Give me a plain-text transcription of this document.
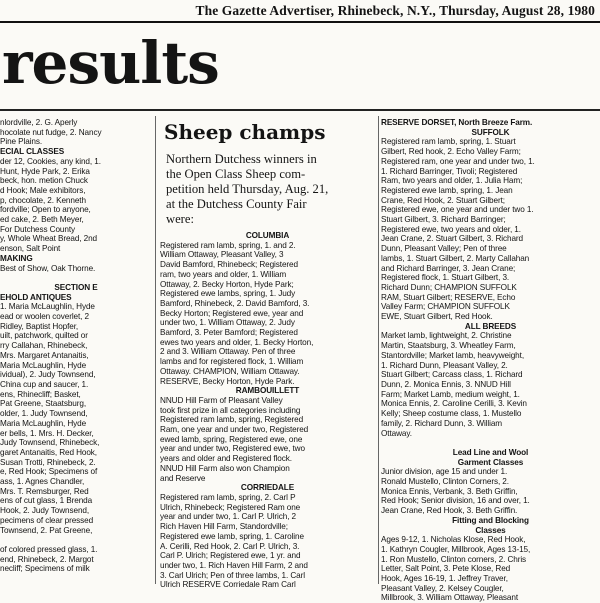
The Gazette Advertiser, Rhinebeck, N.Y., Thursday, August 28, 1980
results
nlordville, 2. G. Aperly
hocolate nut fudge, 2. Nancy
Pine Plains.
ECIAL CLASSES
der 12, Cookies, any kind, 1.
Hunt, Hyde Park, 2. Erika
beck, hon. metion Chuck
d Hook; Male exhibitors,
p, chocolate, 2. Kenneth
fordville; Open to anyone,
ed cake, 2. Beth Meyer,
For Dutchess County
y, Whole Wheat Bread, 2nd
enson, Salt Point
MAKING
Best of Show, Oak Thorne.

SECTION E
EHOLD ANTIQUES
1. Maria McLaughlin, Hyde
ead or woolen coverlet, 2
Ridley, Baptist Hopfer,
uilt, patchwork, quilted or
rry Callahan, Rhinebeck,
Mrs. Margaret Antanaitis,
Maria McLaughlin, Hyde
ividual), 2. Judy Townsend,
China cup and saucer, 1.
ens, Rhinecliff; Basket,
Pat Greene, Staatsburg,
older, 1. Judy Townsend,
Maria McLaughlin, Hyde
er bells, 1. Mrs. H. Decker,
Judy Townsend, Rhinebeck,
garet Antanaitis, Red Hook,
Susan Trotti, Rhinebeck, 2.
e, Red Hook; Specimens of
ass, 1. Agnes Chandler,
Mrs. T. Remsburger, Red
ens of cut glass, 1 Brenda
Hook, 2. Judy Townsend,
pecimens of clear pressed
Townsend, 2. Pat Greene,

of colored pressed glass, 1.
end, Rhinebeck, 2. Margot
necliff; Specimens of milk
Sheep champs
Northern Dutchess winners in
the Open Class Sheep com-
petition held Thursday, Aug. 21,
at the Dutchess County Fair
were:
COLUMBIA
Registered ram lamb, spring, 1. and 2.
William Ottaway, Pleasant Valley, 3
David Bamford, Rhinebeck; Registered
ram, two years and older, 1. William
Ottaway, 2. Becky Horton, Hyde Park;
Registered ewe lambs, spring, 1. Judy
Bamford, Rhinebeck, 2. David Bamford, 3.
Becky Horton; Registered ewe, year and
under two, 1. William Ottaway, 2. Judy
Bamford, 3. Peter Bamford; Registered
ewes two years and older, 1. Becky Horton,
2 and 3. William Ottaway. Pen of three
lambs and for registered flock, 1. William
Ottaway. CHAMPION, William Ottaway.
RESERVE, Becky Horton, Hyde Park.
RAMBOUILLETT
NNUD Hill Farm of Pleasant Valley
took first prize in all categories including
Registered ram lamb, spring, Registered
Ram, one year and under two, Registered
ewed lamb, spring, Registered ewe, one
year and under two, Registered ewe, two
years and older and Registered flock.
NNUD Hill Farm also won Champion
and Reserve
CORRIEDALE
Registered ram lamb, spring, 2. Carl P
Ulrich, Rhinebeck; Registered Ram one
year and under two, 1. Carl P. Ulrich, 2
Rich Haven Hill Farm, Standordville;
Registered ewe lamb, spring, 1. Caroline
A. Cerilli, Red Hook, 2. Carl P. Ulrich, 3.
Carl P. Ulrich; Registered ewe, 1 yr. and
under two, 1. Rich Haven Hill Farm, 2 and
3. Carl Ulrich; Pen of three lambs, 1. Carl
Ulrich RESERVE Corriedale Ram Carl
RESERVE DORSET, North Breeze Farm.
SUFFOLK
Registered ram lamb, spring, 1. Stuart
Gilbert, Red hook, 2. Echo Valley Farm;
Registered ram, one year and under two, 1.
1. Richard Barringer, Tivoli; Registered
Ram, two years and older, 1. Julia Ham;
Registered ewe lamb, spring, 1. Jean
Crane, Red Hook, 2. Stuart Gilbert;
Registered ewe, one year and under two 1.
Stuart Gilbert, 3. Richard Barringer;
Registered ewe, two years and older, 1.
Jean Crane, 2. Stuart Gilbert, 3. Richard
Dunn, Pleasant Valley; Pen of three
lambs, 1. Stuart Gilbert, 2. Marty Callahan
and Richard Barringer, 3. Jean Crane;
Registered flock, 1. Stuart Gilbert, 3.
Richard Dunn; CHAMPION SUFFOLK
RAM, Stuart Gilbert; RESERVE, Echo
Valley Farm; CHAMPION SUFFOLK
EWE, Stuart Gilbert, Red Hook.
ALL BREEDS
Market lamb, lightweight, 2. Christine
Martin, Staatsburg, 3. Wheatley Farm,
Stantordville; Market lamb, heavyweight,
1. Richard Dunn, Pleasant Valley, 2.
Stuart Gilbert; Carcass class, 1. Richard
Dunn, 2. Monica Ennis, 3. NNUD Hill
Farm; Market Lamb, medium weight, 1.
Monica Ennis, 2. Caroline Cerilli, 3. Kevin
Kelly; Sheep costume class, 1. Mustello
family, 2. Richard Dunn, 3. William
Ottaway.

Lead Line and Wool
Garment Classes
Junior division, age 15 and under 1.
Ronald Mustello, Clinton Corners, 2.
Monica Ennis, Verbank, 3. Beth Griffin,
Red Hook; Senior division, 16 and over, 1.
Jean Crane, Red Hook, 3. Beth Griffin.
Fitting and Blocking
Classes
Ages 9-12, 1. Nicholas Klose, Red Hook,
1. Kathryn Cougler, Millbrook, Ages 13-15,
1. Ron Mustello, Clinton corners, 2. Chris
Letter, Salt Point, 3. Pete Klose, Red
Hook, Ages 16-19, 1. Jeffrey Traver,
Pleasant Valley, 2. Kelsey Cougler,
Millbrook, 3. William Ottaway, Pleasant
